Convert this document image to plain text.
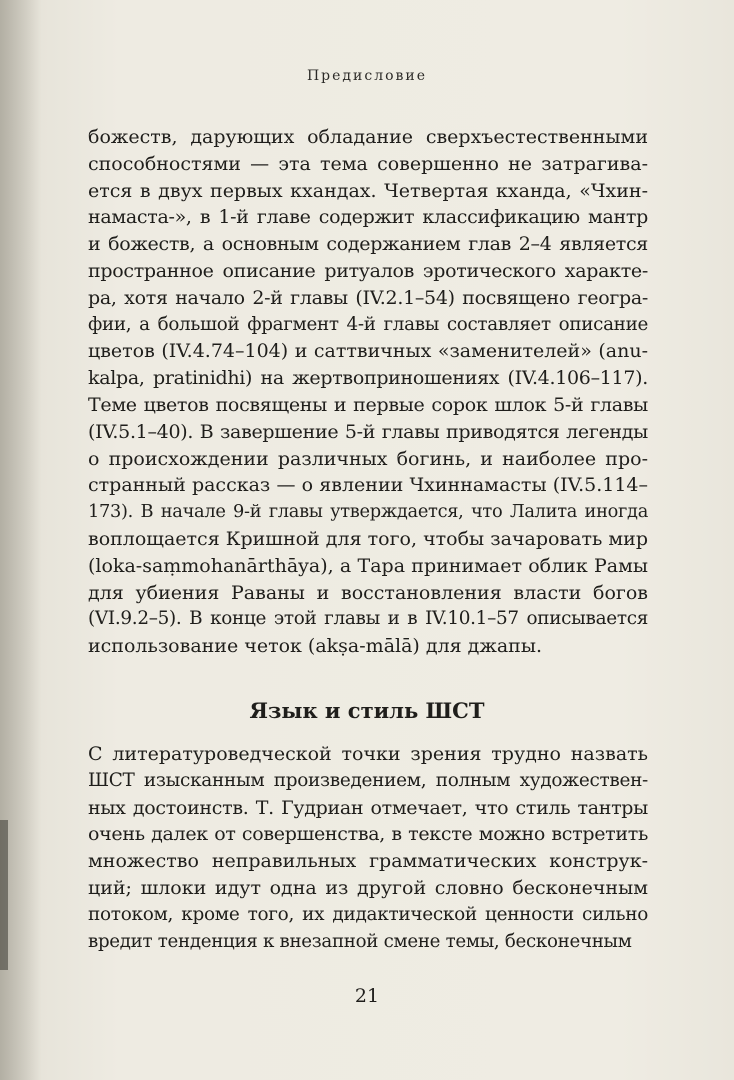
Предисловие

божеств, дарующих обладание сверхъестественными
способностями — эта тема совершенно не затрагива-
ется в двух первых кхандах. Четвертая кханда, «Чхин-
намаста-», в 1-й главе содержит классификацию мантр
и божеств, а основным содержанием глав 2–4 является
пространное описание ритуалов эротического характе-
ра, хотя начало 2-й главы (IV.2.1–54) посвящено геогра-
фии, а большой фрагмент 4-й главы составляет описание
цветов (IV.4.74–104) и саттвичных «заменителей» (anu-
kalpa, pratinidhi) на жертвоприношениях (IV.4.106–117).
Теме цветов посвящены и первые сорок шлок 5-й главы
(IV.5.1–40). В завершение 5-й главы приводятся легенды
о происхождении различных богинь, и наиболее про-
странный рассказ — о явлении Чхиннамасты (IV.5.114–
173). В начале 9-й главы утверждается, что Лалита иногда
воплощается Кришной для того, чтобы зачаровать мир
(loka-saṃmohanārthāya), а Тара принимает облик Рамы
для убиения Раваны и восстановления власти богов
(VI.9.2–5). В конце этой главы и в IV.10.1–57 описывается
использование четок (akṣa-mālā) для джапы.

Язык и стиль ШСТ

С литературоведческой точки зрения трудно назвать
ШСТ изысканным произведением, полным художествен-
ных достоинств. Т. Гудриан отмечает, что стиль тантры
очень далек от совершенства, в тексте можно встретить
множество неправильных грамматических конструк-
ций; шлоки идут одна из другой словно бесконечным
потоком, кроме того, их дидактической ценности сильно
вредит тенденция к внезапной смене темы, бесконечным

21
